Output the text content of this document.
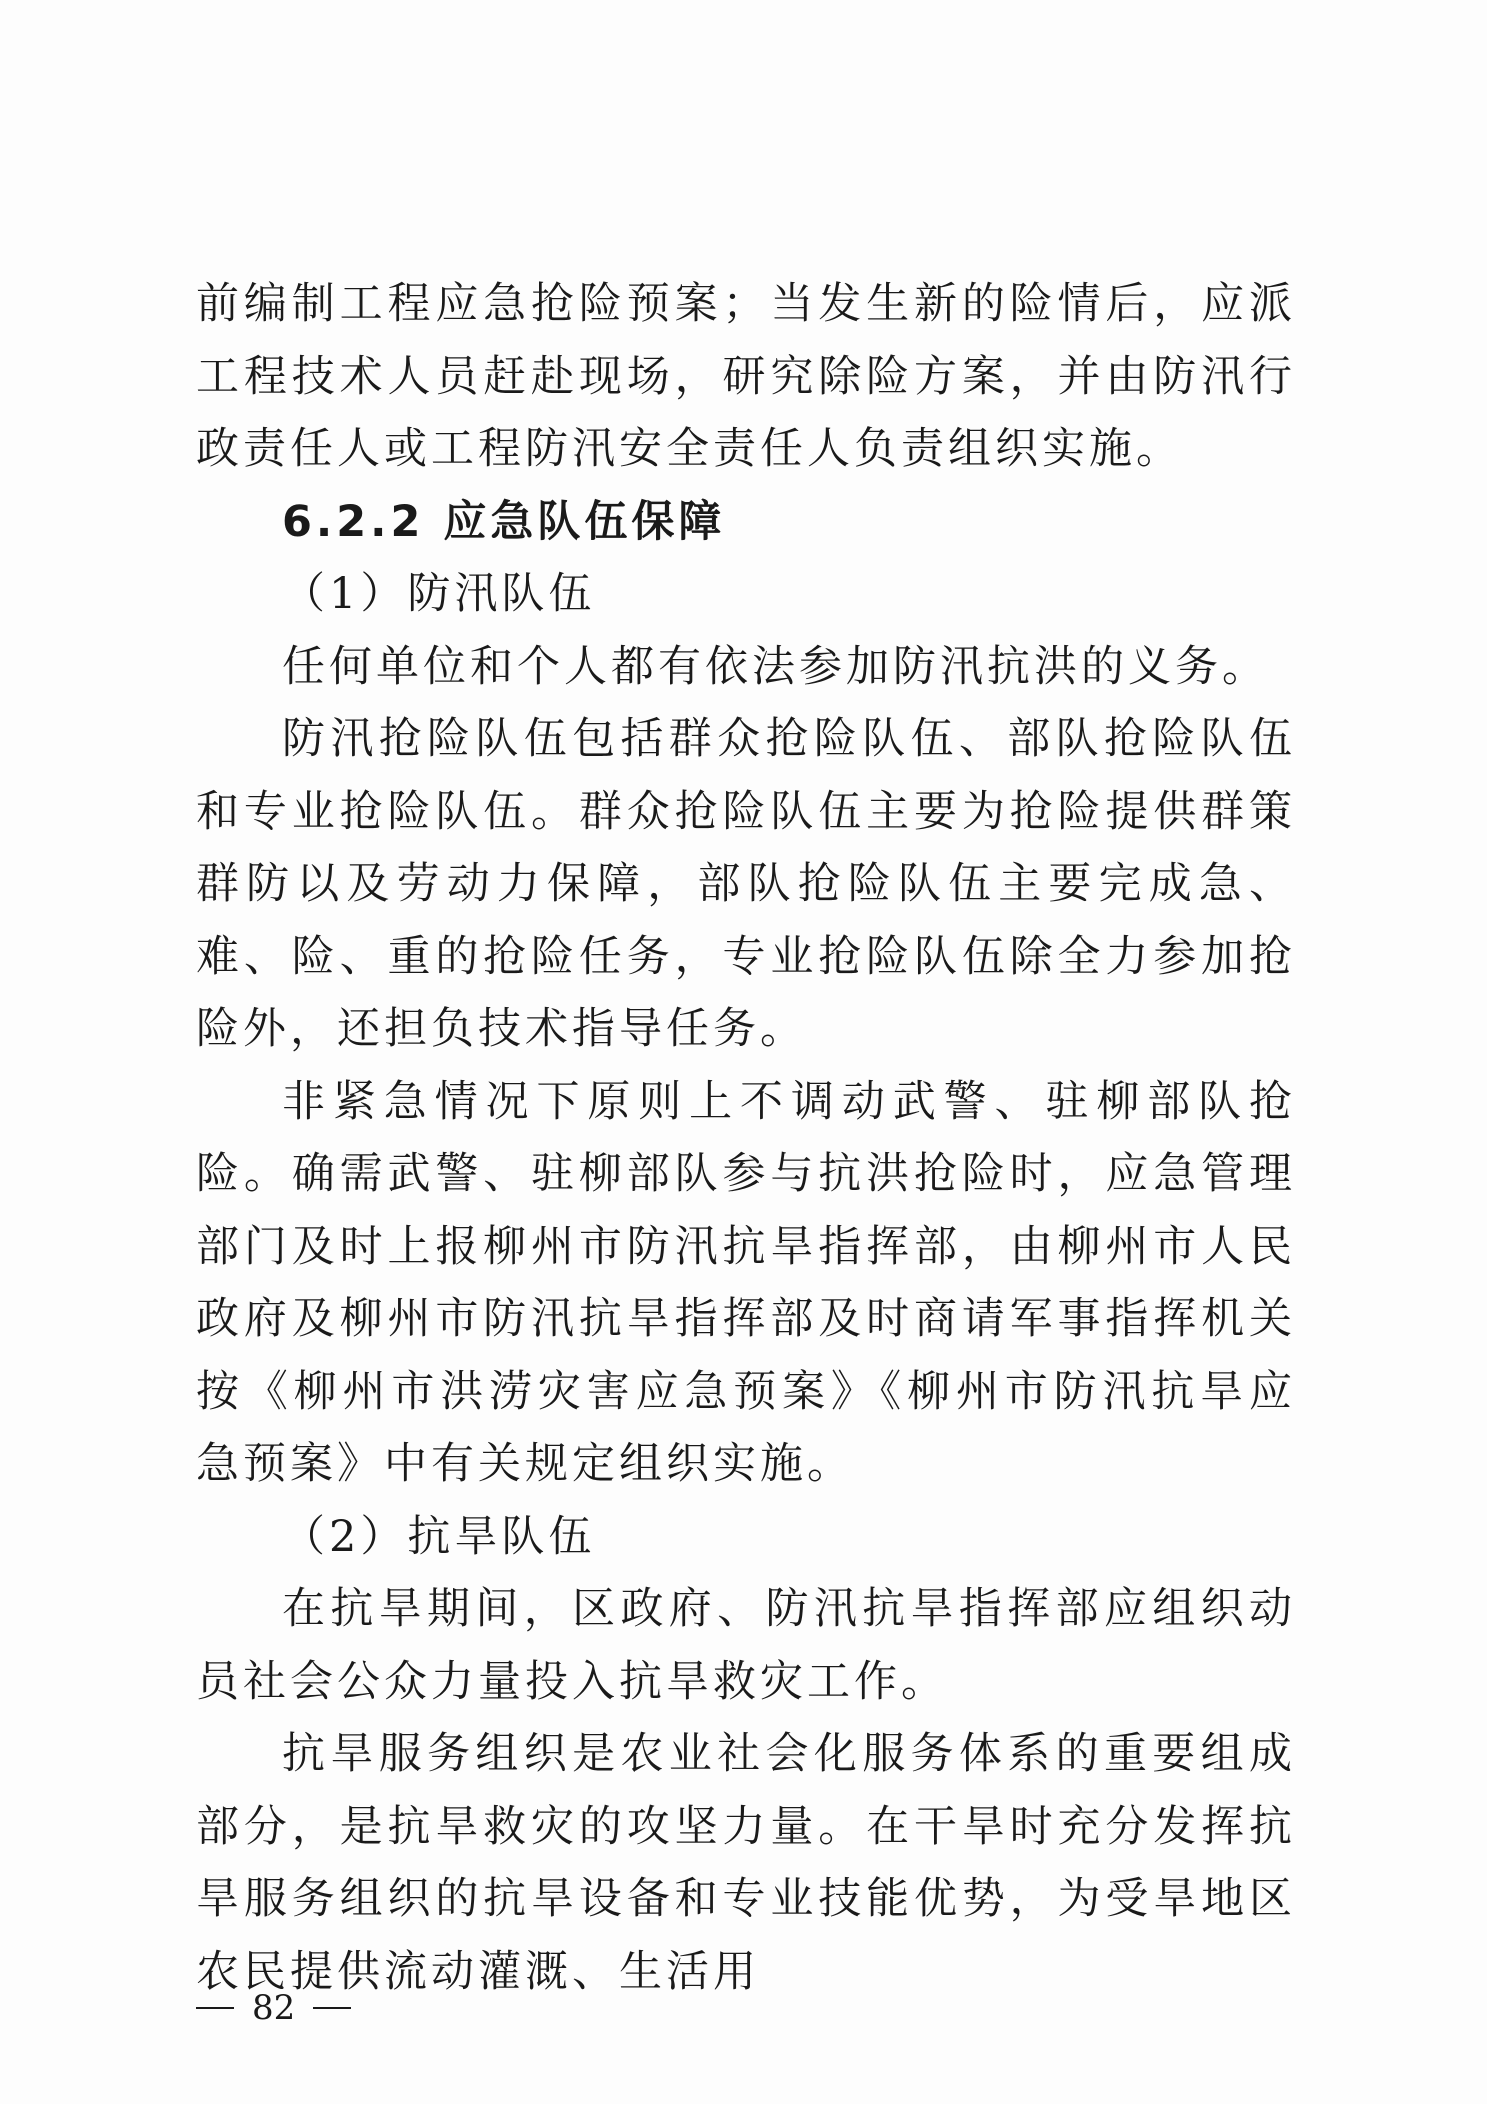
前编制工程应急抢险预案；当发生新的险情后，应派工程技术人员赶赴现场，研究除险方案，并由防汛行政责任人或工程防汛安全责任人负责组织实施。

6.2.2 应急队伍保障

（1）防汛队伍

任何单位和个人都有依法参加防汛抗洪的义务。

防汛抢险队伍包括群众抢险队伍、部队抢险队伍和专业抢险队伍。群众抢险队伍主要为抢险提供群策群防以及劳动力保障，部队抢险队伍主要完成急、难、险、重的抢险任务，专业抢险队伍除全力参加抢险外，还担负技术指导任务。

非紧急情况下原则上不调动武警、驻柳部队抢险。确需武警、驻柳部队参与抗洪抢险时，应急管理部门及时上报柳州市防汛抗旱指挥部，由柳州市人民政府及柳州市防汛抗旱指挥部及时商请军事指挥机关按《柳州市洪涝灾害应急预案》《柳州市防汛抗旱应急预案》中有关规定组织实施。

（2）抗旱队伍

在抗旱期间，区政府、防汛抗旱指挥部应组织动员社会公众力量投入抗旱救灾工作。

抗旱服务组织是农业社会化服务体系的重要组成部分，是抗旱救灾的攻坚力量。在干旱时充分发挥抗旱服务组织的抗旱设备和专业技能优势，为受旱地区农民提供流动灌溉、生活用

82
